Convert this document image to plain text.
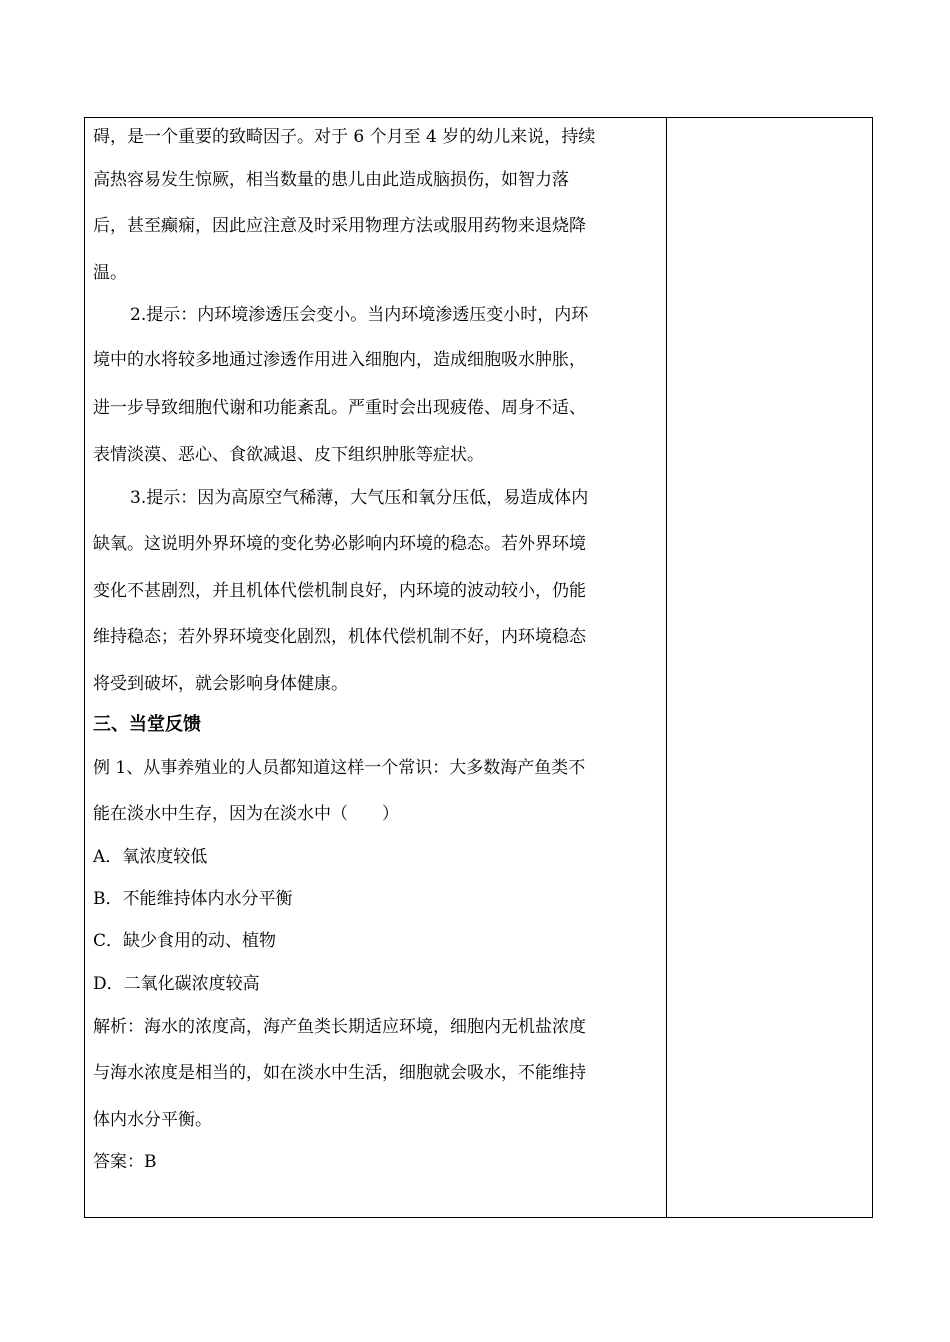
碍，是一个重要的致畸因子。对于 6 个月至 4 岁的幼儿来说，持续
高热容易发生惊厥，相当数量的患儿由此造成脑损伤，如智力落
后，甚至癫痫，因此应注意及时采用物理方法或服用药物来退烧降
温。
2.提示：内环境渗透压会变小。当内环境渗透压变小时，内环
境中的水将较多地通过渗透作用进入细胞内，造成细胞吸水肿胀，
进一步导致细胞代谢和功能紊乱。严重时会出现疲倦、周身不适、
表情淡漠、恶心、食欲减退、皮下组织肿胀等症状。
3.提示：因为高原空气稀薄，大气压和氧分压低，易造成体内
缺氧。这说明外界环境的变化势必影响内环境的稳态。若外界环境
变化不甚剧烈，并且机体代偿机制良好，内环境的波动较小，仍能
维持稳态；若外界环境变化剧烈，机体代偿机制不好，内环境稳态
将受到破坏，就会影响身体健康。
三、当堂反馈
例 1、从事养殖业的人员都知道这样一个常识：大多数海产鱼类不
能在淡水中生存，因为在淡水中（　　）
A．氧浓度较低
B．不能维持体内水分平衡
C．缺少食用的动、植物
D．二氧化碳浓度较高
解析：海水的浓度高，海产鱼类长期适应环境，细胞内无机盐浓度
与海水浓度是相当的，如在淡水中生活，细胞就会吸水，不能维持
体内水分平衡。
答案：B
